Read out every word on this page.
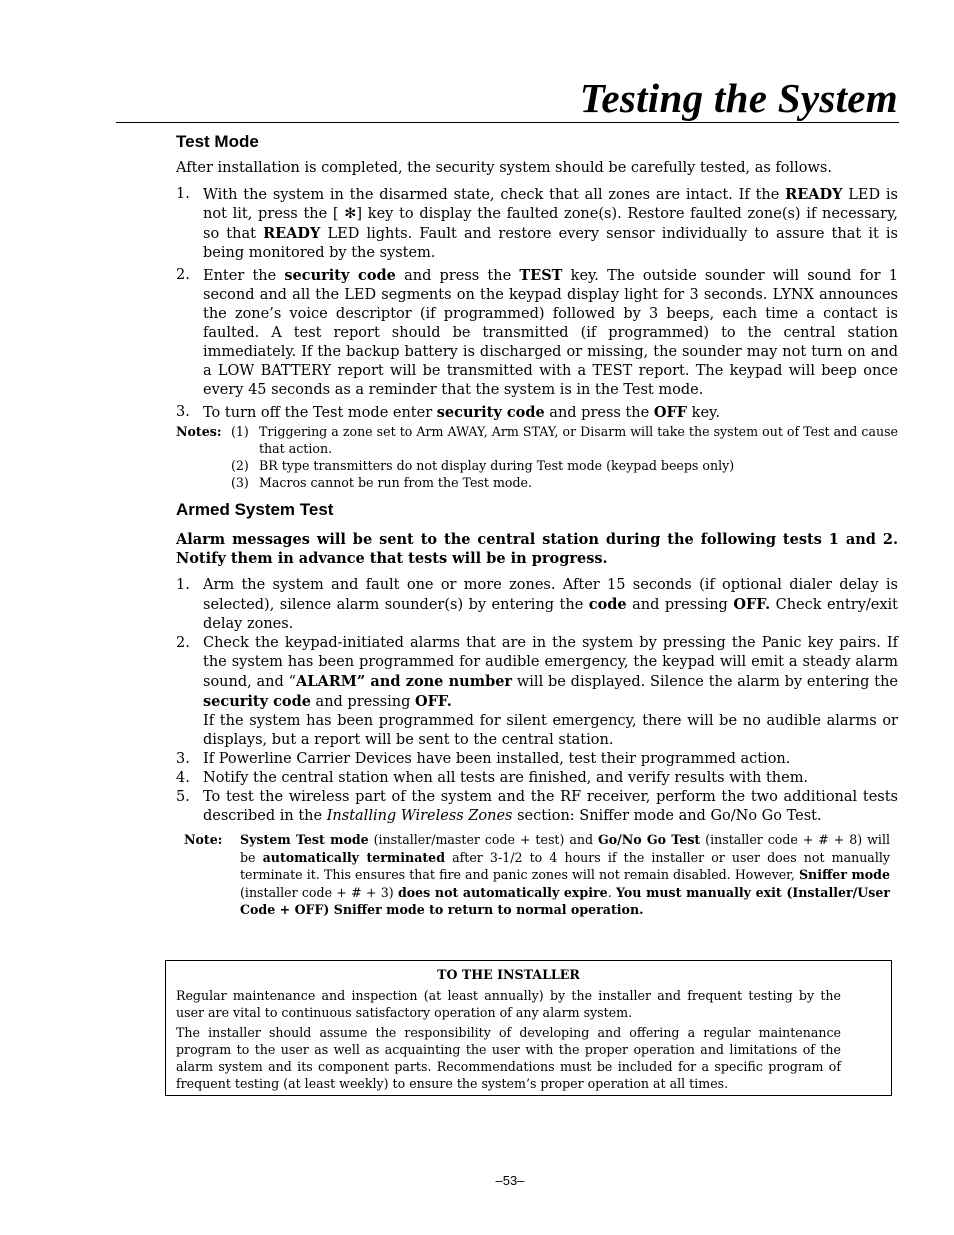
Testing the System
Test Mode

After installation is completed, the security system should be carefully tested, as follows.

1. With the system in the disarmed state, check that all zones are intact. If the READY LED is not lit, press the [ ✻] key to display the faulted zone(s). Restore faulted zone(s) if necessary, so that READY LED lights. Fault and restore every sensor individually to assure that it is being monitored by the system.
2. Enter the security code and press the TEST key. The outside sounder will sound for 1 second and all the LED segments on the keypad display light for 3 seconds. LYNX announces the zone’s voice descriptor (if programmed) followed by 3 beeps, each time a contact is faulted. A test report should be transmitted (if programmed) to the central station immediately. If the backup battery is discharged or missing, the sounder may not turn on and a LOW BATTERY report will be transmitted with a TEST report. The keypad will beep once every 45 seconds as a reminder that the system is in the Test mode.
3. To turn off the Test mode enter security code and press the OFF key.
Notes: (1) Triggering a zone set to Arm AWAY, Arm STAY, or Disarm will take the system out of Test and cause that action.
(2) BR type transmitters do not display during Test mode (keypad beeps only)
(3) Macros cannot be run from the Test mode.
Armed System Test

Alarm messages will be sent to the central station during the following tests 1 and 2. Notify them in advance that tests will be in progress.

1. Arm the system and fault one or more zones. After 15 seconds (if optional dialer delay is selected), silence alarm sounder(s) by entering the code and pressing OFF. Check entry/exit delay zones.
2. Check the keypad-initiated alarms that are in the system by pressing the Panic key pairs. If the system has been programmed for audible emergency, the keypad will emit a steady alarm sound, and “ALARM” and zone number will be displayed. Silence the alarm by entering the security code and pressing OFF.
If the system has been programmed for silent emergency, there will be no audible alarms or displays, but a report will be sent to the central station.
3. If Powerline Carrier Devices have been installed, test their programmed action.
4. Notify the central station when all tests are finished, and verify results with them.
5. To test the wireless part of the system and the RF receiver, perform the two additional tests described in the Installing Wireless Zones section: Sniffer mode and Go/No Go Test.
Note: System Test mode (installer/master code + test) and Go/No Go Test (installer code + # + 8) will be automatically terminated after 3-1/2 to 4 hours if the installer or user does not manually terminate it. This ensures that fire and panic zones will not remain disabled. However, Sniffer mode (installer code + # + 3) does not automatically expire. You must manually exit (Installer/User Code + OFF) Sniffer mode to return to normal operation.
TO THE INSTALLER

Regular maintenance and inspection (at least annually) by the installer and frequent testing by the user are vital to continuous satisfactory operation of any alarm system.

The installer should assume the responsibility of developing and offering a regular maintenance program to the user as well as acquainting the user with the proper operation and limitations of the alarm system and its component parts. Recommendations must be included for a specific program of frequent testing (at least weekly) to ensure the system’s proper operation at all times.

–53–
